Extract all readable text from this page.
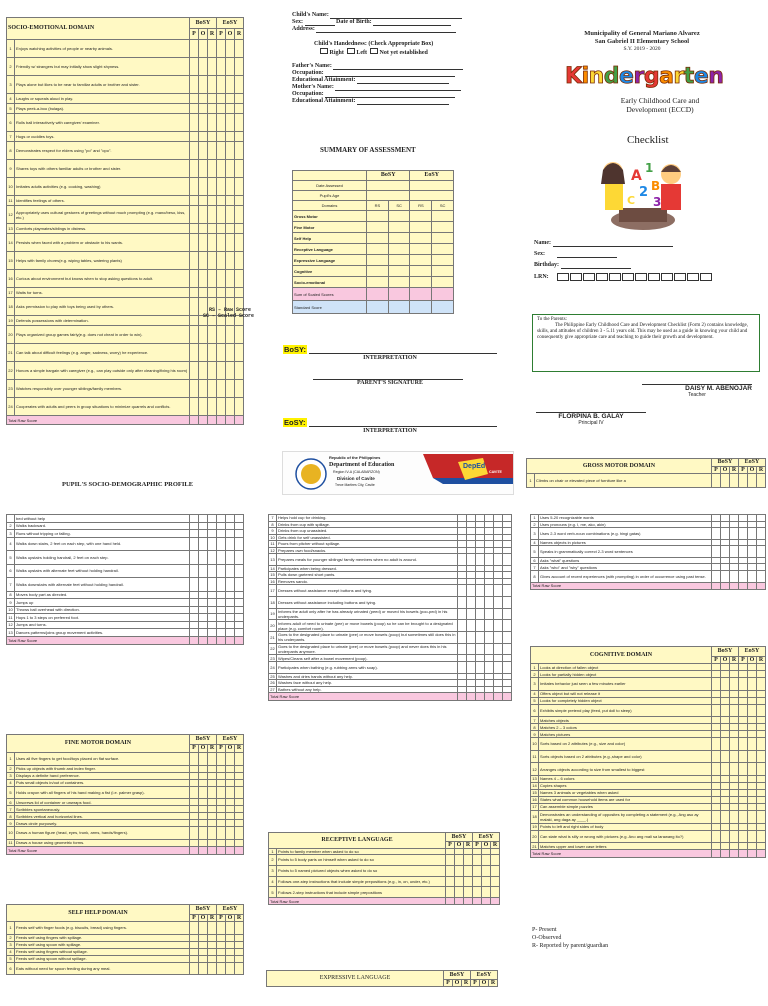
SOCIO-EMOTIONAL DOMAIN		BoSY			EoSY		
		P	O	R	P	O	R
1	Enjoys watching activities of people or nearby animals.						
2	Friendly w/ strangers but may initially show slight shyness.						
3	Plays alone but likes to be near to familiar adults or brother and sister.						
4	Laughs or squeals aloud in play.						
5	Plays peek-a-boo (bulaga).						
6	Rolls ball interactively with caregiver/ examiner.						
7	Hugs or cuddles toys.						
8	Demonstrates respect for elders using "po" and "opo".						
9	Shares toys with others familiar adults or brother and sister.						
10	Imitates adults activities (e.g. cooking, washing)						
11	Identifies feelings of others.						
12	Appropriately uses cultural gestures of greetings without much prompting (e.g. mano/beso, kiss, etc.)						
13	Comforts playmates/siblings in distress.						
14	Persists when faced with a problem or obstacle to his wants.						
15	Helps with family chores(e.g. wiping tables, watering plants)						
16	Curious about environment but knows when to stop asking questions to adult.						
17	Waits for turns.						
18	Asks permission to play with toys being used by others.						
19	Defends possessions with determination.						
20	Plays organized group games fairly(e.g. does not cheat in order to win).						
21	Can talk about difficult feelings (e.g. anger, sadness, worry) he experience.						
22	Honors a simple bargain with caregiver (e.g., can play outside only after cleaning/fixing his room)						
23	Watches responsibly over younger siblings/family members.						
24	Cooperates with adults and peers in group situations to minimize quarrels and conflicts.						
Total Raw Score							
PUPIL'S SOCIO-DEMOGRAPHIC PROFILE
Child's Name:
Sex:	Date of Birth:
Address:
Child's Handedness: (Check Appropriate Box)
Right Left Not yet established
Father's Name:
Occupation:
Educational Attainment:
Mother's Name:
Occupation:
Educational Attainment:
SUMMARY OF ASSESSMENT
	BoSY		EoSY	
Date Assessed				
Pupil's Age				
Domains	RS	SC	RS	SC
Gross Motor				
Fine Motor				
Self Help				
Receptive Language				
Expressive Language				
Cognitive				
Socio-emotional				
Sum of Scaled Scores				
Standard Score				
RS – Raw Score
SC – Scaled Score
BoSY:
INTERPRETATION
PARENT'S SIGNATURE
EoSY:
INTERPRETATION
Republic of the Philippines
Department of Education
Region IV-A (CALABARZON)
Division of Cavite
Trece Martires City, Cavite
DepEd
CAVITE
Municipality of General Mariano Alvarez
San Gabriel II Elementary School
S.Y. 2019 - 2020
Kindergarten
Early Childhood Care and
Development (ECCD)
Checklist
A 1
2 B
3
C
Name:
Sex:
Birthday:
LRN:
To the Parents:
The Philippine Early Childhood Care and Development Checklist (Form 2) contains knowledge, skills, and attitudes of children 3 - 5.11 years old. This may be used as a guide in knowing your child and consequently give appropriate care and teaching to guide their growth and development.
DAISY M. ABENOJAR
Teacher
FLORPINA B. GALAY
Principal IV
GROSS MOTOR DOMAIN		BoSY			EoSY		
		P	O	R	P	O	R
1	Climbs on chair or elevated piece of furniture like a						
	bed without help						
2	Walks backward.						
3	Runs without tripping or falling.						
4	Walks down stairs, 2 feet on each step, with one hand held.						
5	Walks upstairs holding handrail, 2 feet on each step.						
6	Walks upstairs with alternate feet without holding handrail.						
7	Walks downstairs with alternate feet without holding handrail.						
8	Moves body part as directed.						
9	Jumps up						
10	Throws ball overhead with direction.						
11	Hops 1 to 3 steps on preferred foot.						
12	Jumps and turns.						
13	Dances patterns/joins group movement activities.						
Total Raw Score							
FINE MOTOR DOMAIN		BoSY			EoSY		
		P	O	R	P	O	R
1	Uses all five fingers to get food/toys placed on flat surface.						
2	Picks up objects with thumb and index finger.						
3	Displays a definite hand preference.						
4	Puts small objects in/out of containers.						
5	Holds crayon with all fingers of his hand making a fist (i.e. palmer grasp).						
6	Unscrews lid of container or unwraps food.						
7	Scribbles spontaneously.						
8	Scribbles vertical and horizontal lines.						
9	Draws circle purposely.						
10	Draws a human figure (head, eyes, trunk, arms, hands/fingers).						
11	Draws a house using geometric forms.						
Total Raw Score							
SELF HELP DOMAIN		BoSY			EoSY		
		P	O	R	P	O	R
1	Feeds self with finger foods (e.g. biscuits, bread) using fingers.						
2	Feeds self using fingers with spillage.						
3	Feeds self using spoon with spillage.						
4	Feeds self using fingers without spillage.						
5	Feeds self using spoon without spillage.						
6	Eats without need for spoon feeding during any meal.						
7	Helps hold cup for drinking.						
8	Drinks from cup with spillage.						
9	Drinks from cup unassisted.						
10	Gets drink for self unassisted.						
11	Pours from pitcher without spillage.						
12	Prepares own food/snacks.						
13	Prepares meals for younger siblings/ family members when no adult is around.						
14	Participates when being dressed.						
15	Pulls down gartered short pants.						
16	Removes sando.						
17	Dresses without assistance except buttons and tying.						
18	Dresses without assistance including buttons and tying.						
19	Informs the adult only after he has already urinated (peed) or moved his bowels (poo-ped) in his underpants.						
20	Informs adult of need to urinate (pee) or move bowels (poop) so he can be brought to a designated place (e.g. comfort room).						
21	Goes to the designated place to urinate (pee) or move bowels (poop) but sometimes still does this in his underpants.						
22	Goes to the designated place to urinate (pee) or move bowels (poop) and never does this in his underpants anymore.						
23	Wipes/Cleans self after a bowel movement (poop).						
24	Participates when bathing (e.g. rubbing arms with soap).						
25	Washes and dries hands without any help.						
26	Washes face without any help.						
27	Bathes without any help.						
Total Raw Score							
RECEPTIVE LANGUAGE		BoSY			EoSY		
		P	O	R	P	O	R
1	Points to family member when asked to do so						
2	Points to 5 body parts on himself when asked to do so						
3	Points to 5 named pictured objects when asked to do so						
4	Follows one-step instructions that include simple prepositions (e.g., in, on, under, etc.)						
5	Follows 2-step instructions that include simple prepositions						
Total Raw Score							
EXPRESSIVE LANGUAGE	BoSY			EoSY		
	P	O	R	P	O	R
1	Uses 5-20 recognizable words						
2	Uses pronouns (e.g. I, me, ako, akin)						
3	Uses 2-3 word verb-noun combinations (e.g. hingi gatas)						
4	Names objects in pictures						
5	Speaks in grammatically correct 2-3 word sentences						
6	Asks "what" questions						
7	Asks "who" and "why" questions						
8	Gives account of recent experiences (with prompting) in order of occurrence using past tense.						
Total Raw Score							
COGNITIVE DOMAIN		BoSY			EoSY		
		P	O	R	P	O	R
1	Looks at direction of fallen object						
2	Looks for partially hidden object						
3	Imitates behavior just seen a few minutes earlier						
4	Offers object but will not release it						
5	Looks for completely hidden object						
6	Exhibits simple pretend play (feed, put doll to sleep)						
7	Matches objects						
8	Matches 2 – 3 colors						
9	Matches pictures						
10	Sorts based on 2 attributes (e.g., size and color)						
11	Sorts objects based on 2 attributes (e.g.,shape and color)						
12	Arranges objects according to size from smallest to biggest						
13	Names 4 – 6 colors						
14	Copies shapes						
15	Names 3 animals or vegetables when asked						
16	States what common household items are used for						
17	Can assemble simple puzzles						
18	Demonstrates an understanding of opposites by completing a statement (e.g., Ang aso ay malaki, ang daga ay ____.)						
19	Points to left and right sides of body						
20	Can state what is silly or wrong with pictures (e.g. Ano ang mali sa larawang ito?)						
21	Matches upper and lower case letters						
Total Raw Score							
P- Present
O-Observed
R- Reported by parent/guardian
